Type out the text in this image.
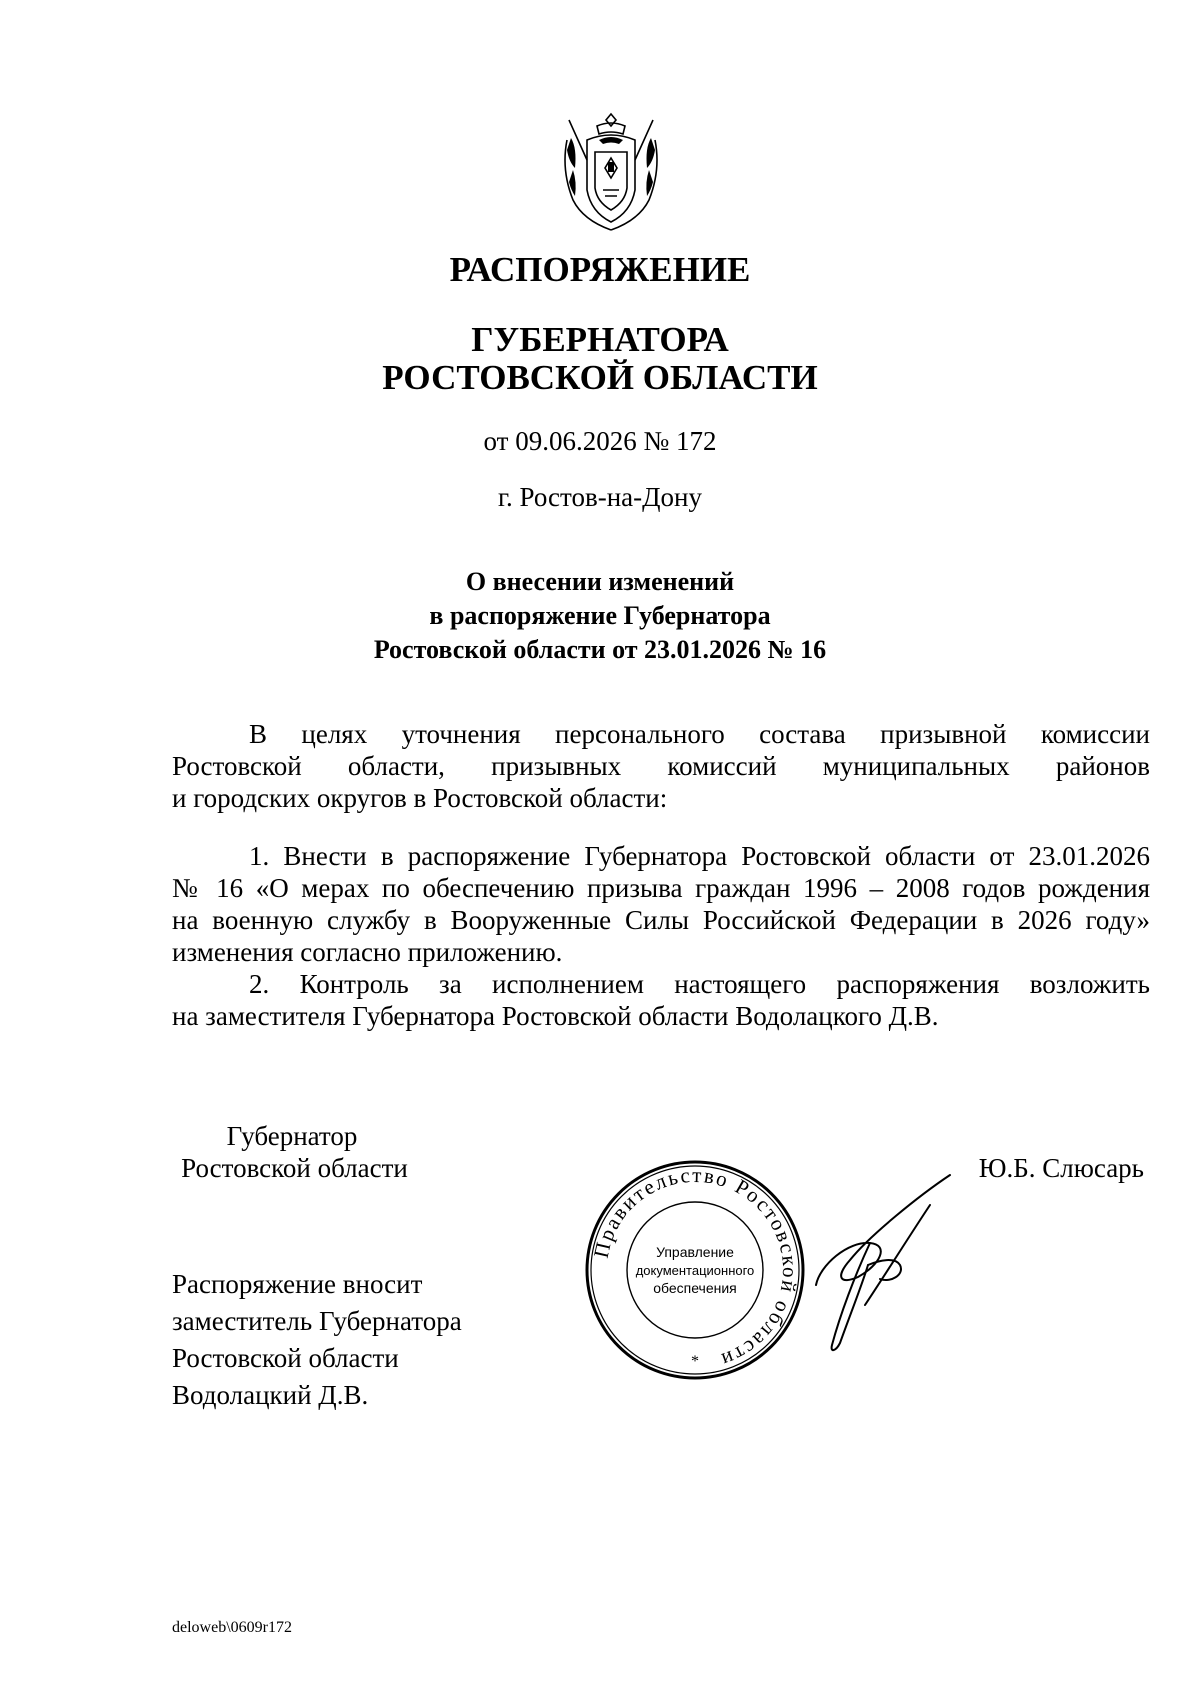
РАСПОРЯЖЕНИЕ
ГУБЕРНАТОРА
РОСТОВСКОЙ ОБЛАСТИ
от 09.06.2026 № 172
г. Ростов-на-Дону
О внесении изменений
в распоряжение Губернатора
Ростовской области от 23.01.2026 № 16
В целях уточнения персонального состава призывной комиссии
Ростовской области, призывных комиссий муниципальных районов
и городских округов в Ростовской области:
1. Внести в распоряжение Губернатора Ростовской области от 23.01.2026
№ 16 «О мерах по обеспечению призыва граждан 1996 – 2008 годов рождения
на военную службу в Вооруженные Силы Российской Федерации в 2026 году»
изменения согласно приложению.
2. Контроль за исполнением настоящего распоряжения возложить
на заместителя Губернатора Ростовской области Водолацкого Д.В.
Губернатор
Ростовской области	Ю.Б. Слюсарь
Правительство Ростовской области
Управление
документационного
обеспечения
*
Распоряжение вносит
заместитель Губернатора
Ростовской области
Водолацкий Д.В.
deloweb\0609r172
